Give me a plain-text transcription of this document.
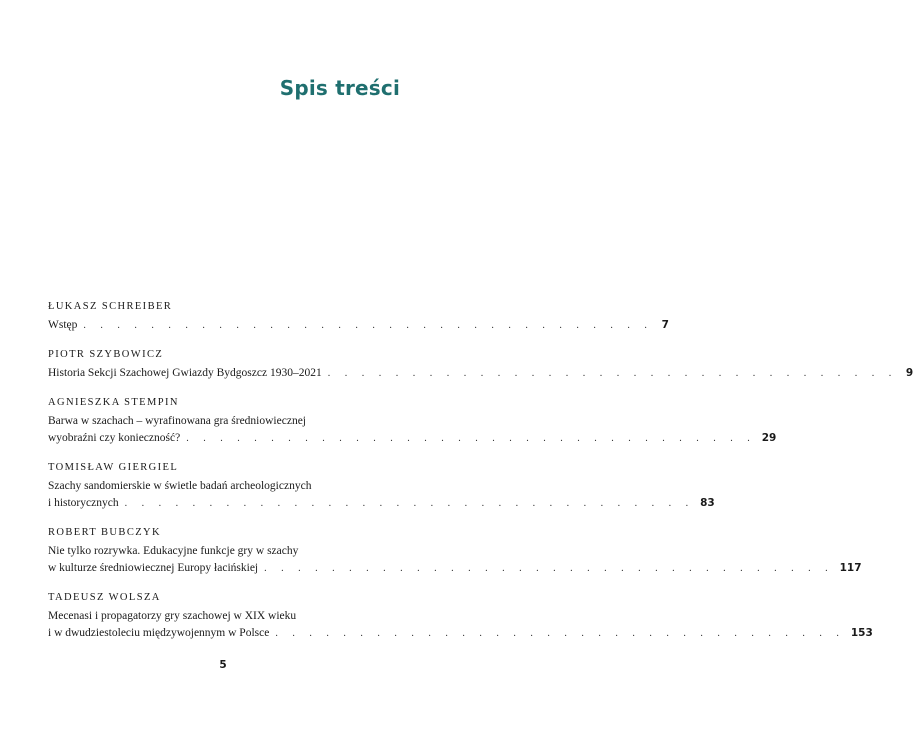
Spis treści
ŁUKASZ SCHREIBER
Wstęp . . . . . . . . . . . . . . . . . . . . . . . . . . . . . . . . . . 7
PIOTR SZYBOWICZ
Historia Sekcji Szachowej Gwiazdy Bydgoszcz 1930–2021 . . . . . . . . . . . . . . . . . . . . . . . . . . . . . . . . . . 9
AGNIESZKA STEMPIN
Barwa w szachach – wyrafinowana gra średniowiecznej
wyobraźni czy konieczność? . . . . . . . . . . . . . . . . . . . . . . . . . . . . . . . . . . 29
TOMISŁAW GIERGIEL
Szachy sandomierskie w świetle badań archeologicznych
i historycznych . . . . . . . . . . . . . . . . . . . . . . . . . . . . . . . . . . 83
ROBERT BUBCZYK
Nie tylko rozrywka. Edukacyjne funkcje gry w szachy
w kulturze średniowiecznej Europy łacińskiej . . . . . . . . . . . . . . . . . . . . . . . . . . . . . . . . . . 117
TADEUSZ WOLSZA
Mecenasi i propagatorzy gry szachowej w XIX wieku
i w dwudziestoleciu międzywojennym w Polsce . . . . . . . . . . . . . . . . . . . . . . . . . . . . . . . . . . 153
5
